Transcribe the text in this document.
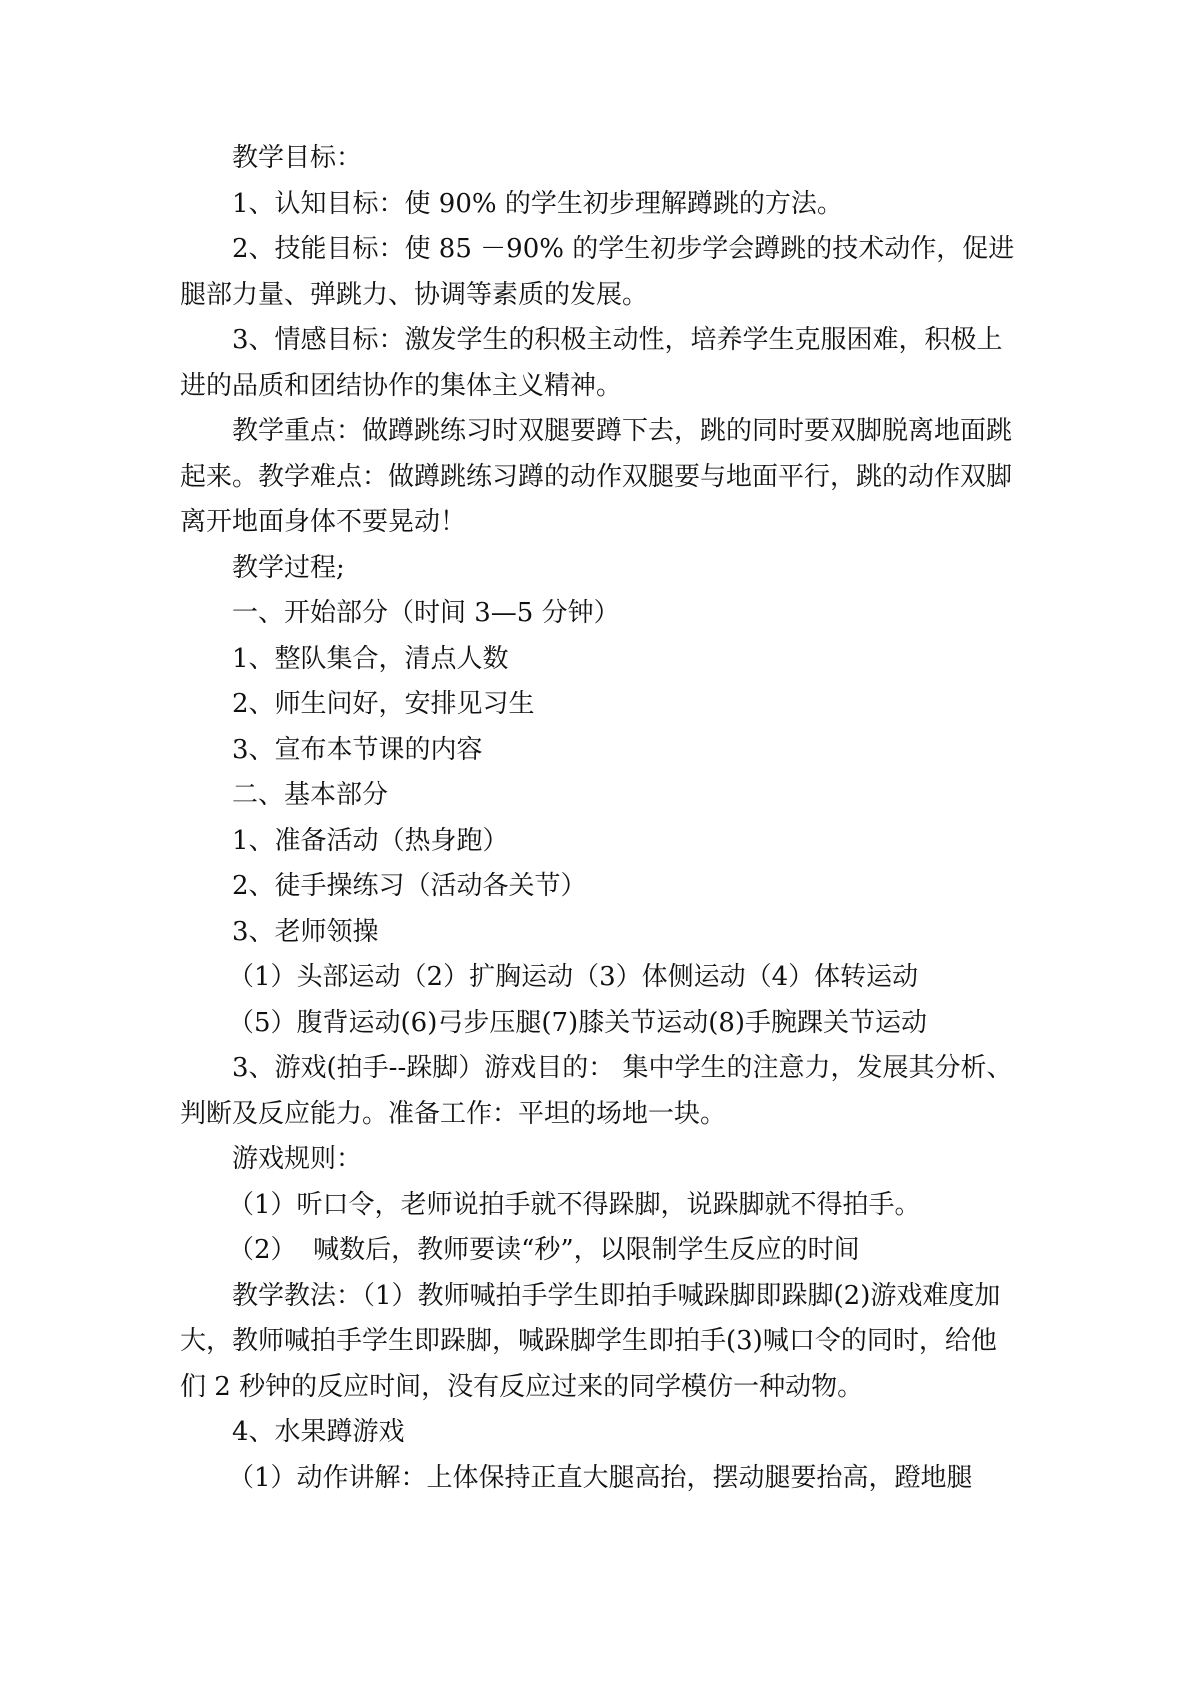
教学目标：

1、认知目标：使 90% 的学生初步理解蹲跳的方法。

2、技能目标：使 85 －90% 的学生初步学会蹲跳的技术动作，促进腿部力量、弹跳力、协调等素质的发展。

3、情感目标：激发学生的积极主动性，培养学生克服困难，积极上进的品质和团结协作的集体主义精神。

教学重点：做蹲跳练习时双腿要蹲下去，跳的同时要双脚脱离地面跳起来。教学难点：做蹲跳练习蹲的动作双腿要与地面平行，跳的动作双脚离开地面身体不要晃动！

教学过程;

一、开始部分（时间 3—5 分钟）

1、整队集合，清点人数

2、师生问好，安排见习生

3、宣布本节课的内容

二、基本部分

1、准备活动（热身跑）

2、徒手操练习（活动各关节）

3、老师领操

（1）头部运动（2）扩胸运动（3）体侧运动（4）体转运动

（5）腹背运动(6)弓步压腿(7)膝关节运动(8)手腕踝关节运动

3、游戏(拍手--跺脚）游戏目的： 集中学生的注意力，发展其分析、判断及反应能力。准备工作：平坦的场地一块。

游戏规则：

（1）听口令，老师说拍手就不得跺脚，说跺脚就不得拍手。

（2）  喊数后，教师要读“秒”，以限制学生反应的时间

教学教法：（1）教师喊拍手学生即拍手喊跺脚即跺脚(2)游戏难度加大，教师喊拍手学生即跺脚，喊跺脚学生即拍手(3)喊口令的同时，给他们 2 秒钟的反应时间，没有反应过来的同学模仿一种动物。

4、水果蹲游戏

（1）动作讲解：上体保持正直大腿高抬，摆动腿要抬高，蹬地腿
